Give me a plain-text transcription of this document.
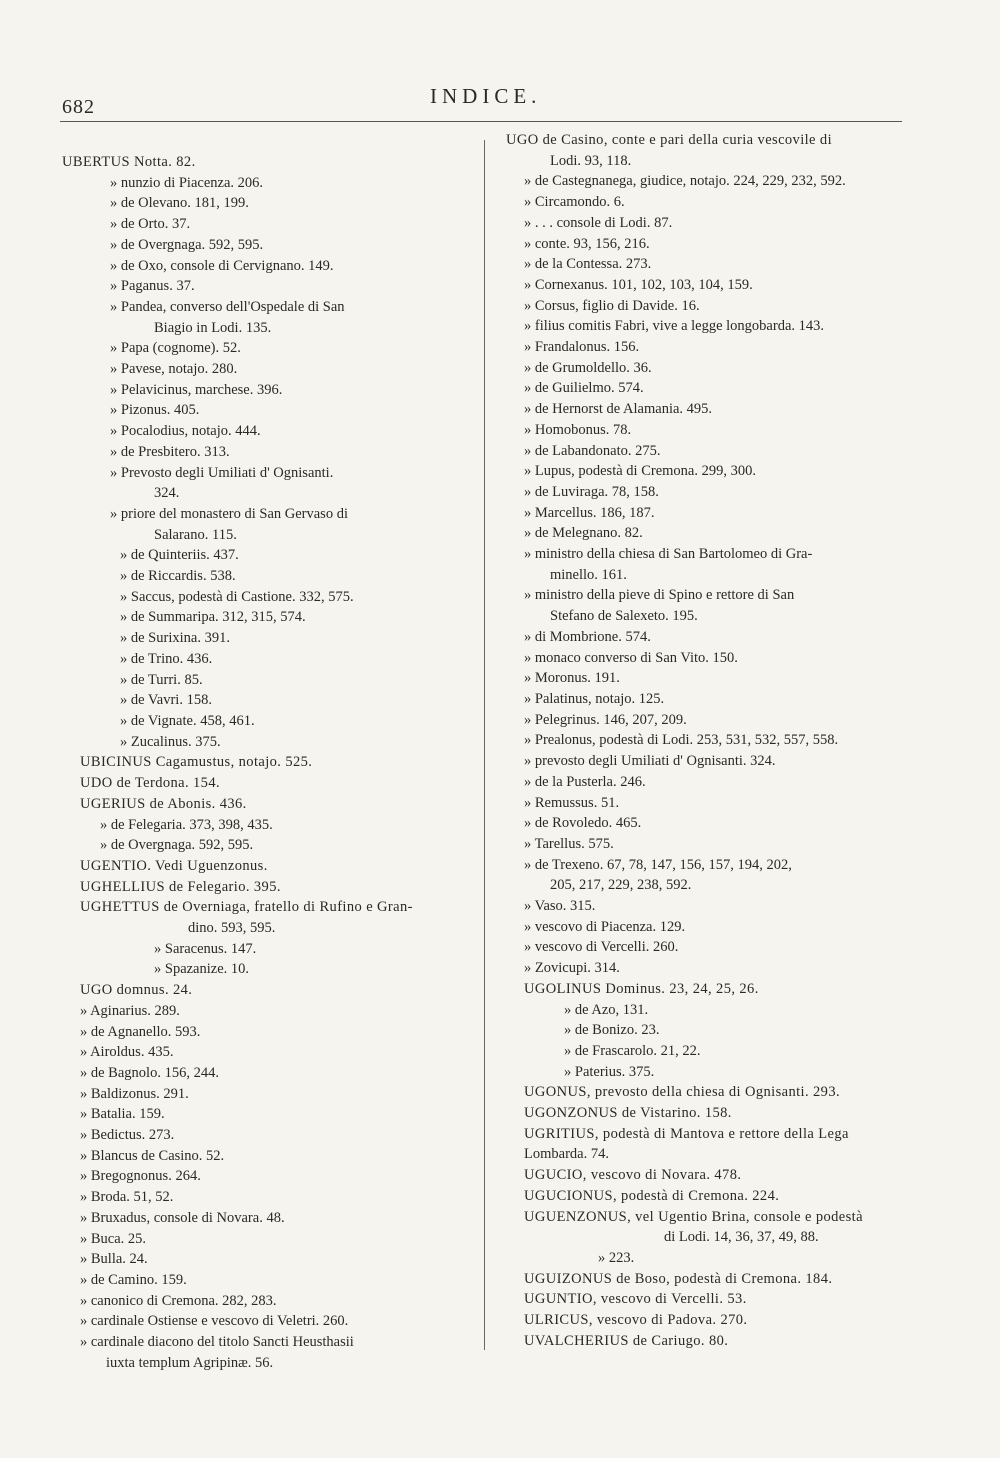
682	INDICE.
UBERTUS Notta. 82.
» nunzio di Piacenza. 206.
» de Olevano. 181, 199.
» de Orto. 37.
» de Overgnaga. 592, 595.
» de Oxo, console di Cervignano. 149.
» Paganus. 37.
» Pandea, converso dell'Ospedale di San
Biagio in Lodi. 135.
» Papa (cognome). 52.
» Pavese, notajo. 280.
» Pelavicinus, marchese. 396.
» Pizonus. 405.
» Pocalodius, notajo. 444.
» de Presbitero. 313.
» Prevosto degli Umiliati d' Ognisanti.
324.
» priore del monastero di San Gervaso di
Salarano. 115.
» de Quinteriis. 437.
» de Riccardis. 538.
» Saccus, podestà di Castione. 332, 575.
» de Summaripa. 312, 315, 574.
» de Surixina. 391.
» de Trino. 436.
» de Turri. 85.
» de Vavri. 158.
» de Vignate. 458, 461.
» Zucalinus. 375.
UBICINUS Cagamustus, notajo. 525.
UDO de Terdona. 154.
UGERIUS de Abonis. 436.
» de Felegaria. 373, 398, 435.
» de Overgnaga. 592, 595.
UGENTIO. Vedi Uguenzonus.
UGHELLIUS de Felegario. 395.
UGHETTUS de Overniaga, fratello di Rufino e Gran-
dino. 593, 595.
» Saracenus. 147.
» Spazanize. 10.
UGO domnus. 24.
» Aginarius. 289.
» de Agnanello. 593.
» Airoldus. 435.
» de Bagnolo. 156, 244.
» Baldizonus. 291.
» Batalia. 159.
» Bedictus. 273.
» Blancus de Casino. 52.
» Bregognonus. 264.
» Broda. 51, 52.
» Bruxadus, console di Novara. 48.
» Buca. 25.
» Bulla. 24.
» de Camino. 159.
» canonico di Cremona. 282, 283.
» cardinale Ostiense e vescovo di Veletri. 260.
» cardinale diacono del titolo Sancti Heusthasii
iuxta templum Agripinæ. 56.
UGO de Casino, conte e pari della curia vescovile di
Lodi. 93, 118.
» de Castegnanega, giudice, notajo. 224, 229, 232, 592.
» Circamondo. 6.
» . . . console di Lodi. 87.
» conte. 93, 156, 216.
» de la Contessa. 273.
» Cornexanus. 101, 102, 103, 104, 159.
» Corsus, figlio di Davide. 16.
» filius comitis Fabri, vive a legge longobarda. 143.
» Frandalonus. 156.
» de Grumoldello. 36.
» de Guilielmo. 574.
» de Hernorst de Alamania. 495.
» Homobonus. 78.
» de Labandonato. 275.
» Lupus, podestà di Cremona. 299, 300.
» de Luviraga. 78, 158.
» Marcellus. 186, 187.
» de Melegnano. 82.
» ministro della chiesa di San Bartolomeo di Gra-
minello. 161.
» ministro della pieve di Spino e rettore di San
Stefano de Salexeto. 195.
» di Mombrione. 574.
» monaco converso di San Vito. 150.
» Moronus. 191.
» Palatinus, notajo. 125.
» Pelegrinus. 146, 207, 209.
» Prealonus, podestà di Lodi. 253, 531, 532, 557, 558.
» prevosto degli Umiliati d' Ognisanti. 324.
» de la Pusterla. 246.
» Remussus. 51.
» de Rovoledo. 465.
» Tarellus. 575.
» de Trexeno. 67, 78, 147, 156, 157, 194, 202,
205, 217, 229, 238, 592.
» Vaso. 315.
» vescovo di Piacenza. 129.
» vescovo di Vercelli. 260.
» Zovicupi. 314.
UGOLINUS Dominus. 23, 24, 25, 26.
» de Azo, 131.
» de Bonizo. 23.
» de Frascarolo. 21, 22.
» Paterius. 375.
UGONUS, prevosto della chiesa di Ognisanti. 293.
UGONZONUS de Vistarino. 158.
UGRITIUS, podestà di Mantova e rettore della Lega
Lombarda. 74.
UGUCIO, vescovo di Novara. 478.
UGUCIONUS, podestà di Cremona. 224.
UGUENZONUS, vel Ugentio Brina, console e podestà
di Lodi. 14, 36, 37, 49, 88.
» 223.
UGUIZONUS de Boso, podestà di Cremona. 184.
UGUNTIO, vescovo di Vercelli. 53.
ULRICUS, vescovo di Padova. 270.
UVALCHERIUS de Cariugo. 80.
